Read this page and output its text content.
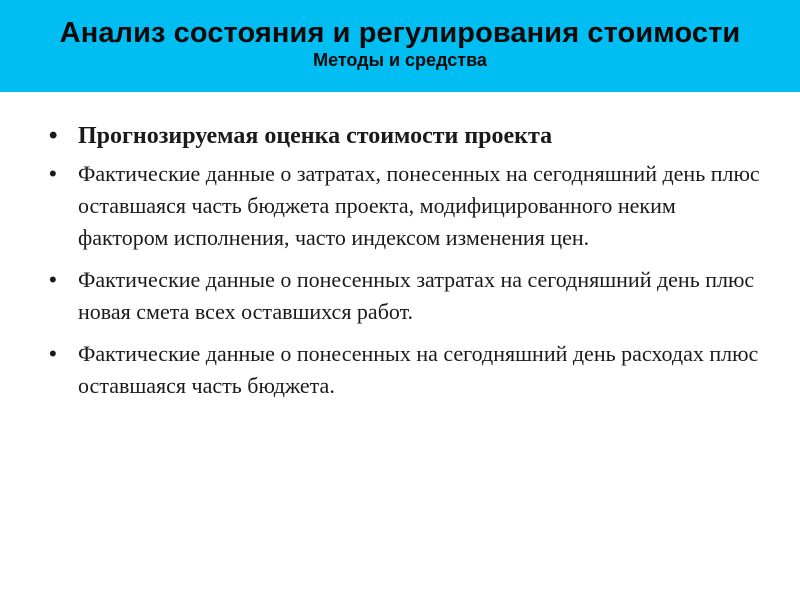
Анализ состояния и регулирования стоимости
Методы и средства
• Прогнозируемая оценка стоимости проекта
• Фактические данные о затратах, понесенных на сегодняшний день плюс оставшаяся часть бюджета проекта, модифицированного неким фактором исполнения, часто индексом изменения цен.
• Фактические данные о понесенных затратах на сегодняшний день плюс новая смета всех оставшихся работ.
• Фактические данные о понесенных на сегодняшний день расходах плюс оставшаяся часть бюджета.
